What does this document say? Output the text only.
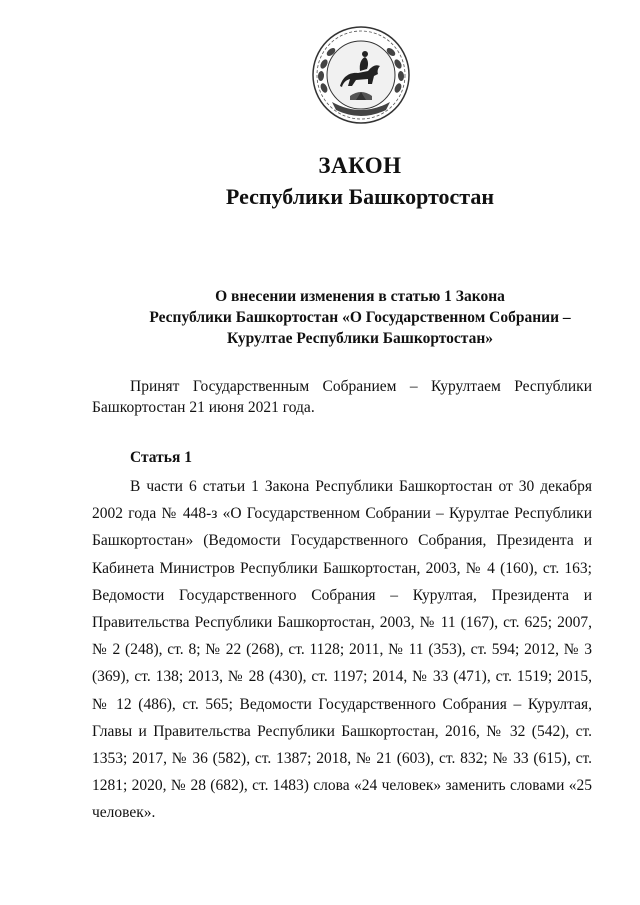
ЗАКОН
Республики Башкортостан
О внесении изменения в статью 1 Закона
Республики Башкортостан «О Государственном Собрании –
Курултае Республики Башкортостан»
Принят Государственным Собранием – Курултаем Республики Башкортостан 21 июня 2021 года.
Статья 1
В части 6 статьи 1 Закона Республики Башкортостан от 30 декабря 2002 года № 448-з «О Государственном Собрании – Курултае Республики Башкортостан» (Ведомости Государственного Собрания, Президента и Кабинета Министров Республики Башкортостан, 2003, № 4 (160), ст. 163; Ведомости Государственного Собрания – Курултая, Президента и Правительства Республики Башкортостан, 2003, № 11 (167), ст. 625; 2007, № 2 (248), ст. 8; № 22 (268), ст. 1128; 2011, № 11 (353), ст. 594; 2012, № 3 (369), ст. 138; 2013, № 28 (430), ст. 1197; 2014, № 33 (471), ст. 1519; 2015, № 12 (486), ст. 565; Ведомости Государственного Собрания – Курултая, Главы и Правительства Республики Башкортостан, 2016, № 32 (542), ст. 1353; 2017, № 36 (582), ст. 1387; 2018, № 21 (603), ст. 832; № 33 (615), ст. 1281; 2020, № 28 (682), ст. 1483) слова «24 человек» заменить словами «25 человек».
